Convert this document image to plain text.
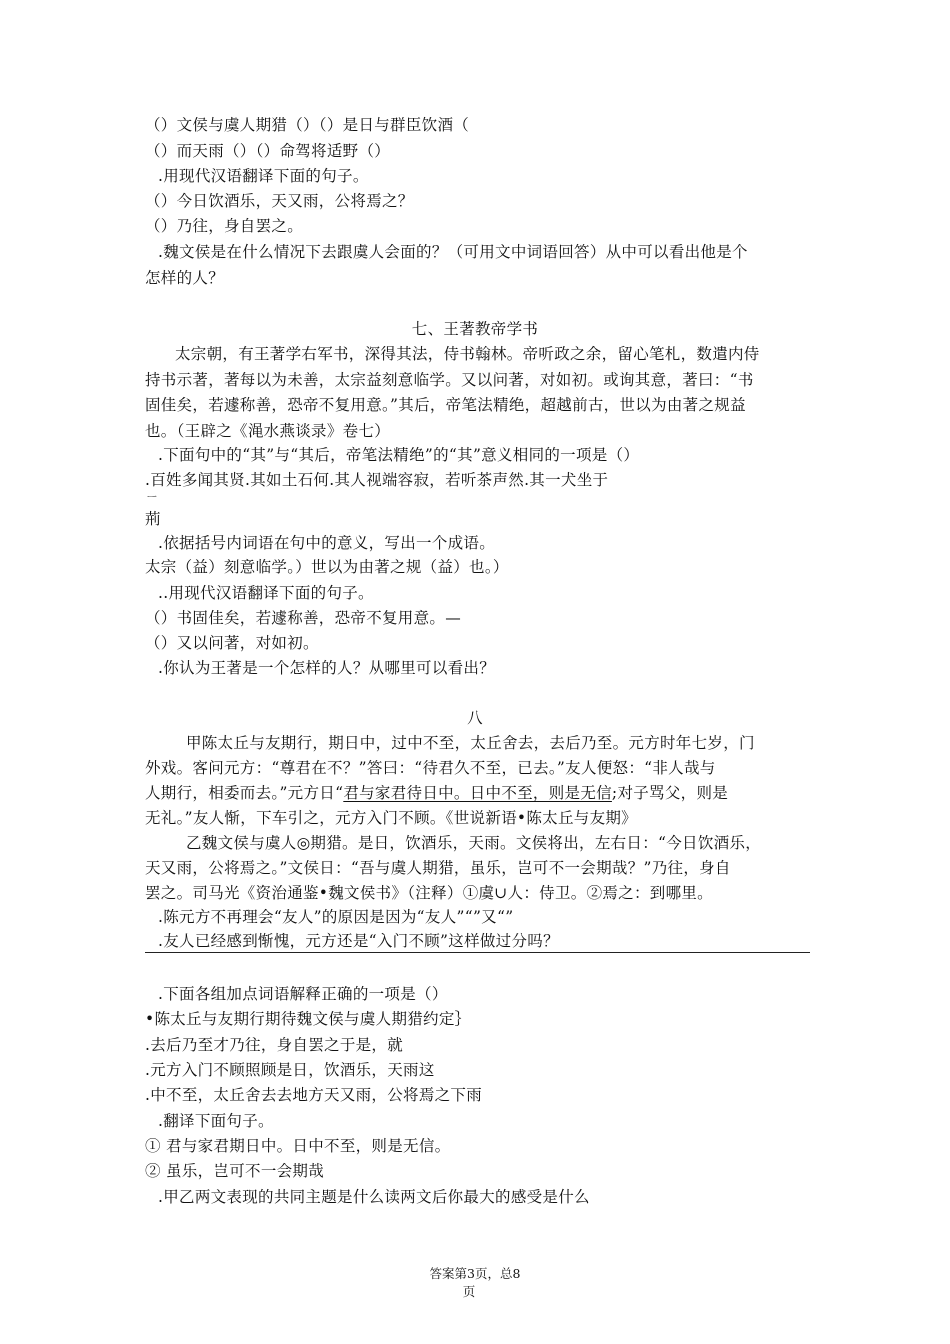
（）文侯与虞人期猎（）（）是日与群臣饮酒（
（）而天雨（）（）命驾将适野（）
.用现代汉语翻译下面的句子。
（）今日饮酒乐，天又雨，公将焉之？
（）乃往，身自罢之。
.魏文侯是在什么情况下去跟虞人会面的？（可用文中词语回答）从中可以看出他是个
怎样的人？
七、王著教帝学书
太宗朝，有王著学右军书，深得其法，侍书翰林。帝听政之余，留心笔札，数遣内侍
持书示著，著每以为未善，太宗益刻意临学。又以问著，对如初。或询其意，著曰：“书
固佳矣，若遽称善，恐帝不复用意。”其后，帝笔法精绝，超越前古，世以为由著之规益
也。（王辟之《渑水燕谈录》卷七）
.下面句中的“其”与“其后，帝笔法精绝”的“其”意义相同的一项是（）
.百姓多闻其贤.其如土石何.其人视端容寂，若听茶声然.其一犬坐于
ᅳ
荊
.依据括号内词语在句中的意义，写出一个成语。
太宗（益）刻意临学。）世以为由著之规（益）也。）
..用现代汉语翻译下面的句子。
（）书固佳矣，若遽称善，恐帝不复用意。—
（）又以问著，对如初。
.你认为王著是一个怎样的人？从哪里可以看出？
八
甲陈太丘与友期行，期日中，过中不至，太丘舍去，去后乃至。元方时年七岁，门
外戏。客问元方：“尊君在不？”答曰：“待君久不至，已去。”友人便怒：“非人哉与
人期行，相委而去。”元方日“君与家君待日中。日中不至，则是无信;对子骂父，则是
无礼。”友人惭，下车引之，元方入门不顾。《世说新语•陈太丘与友期》
乙魏文侯与虞人◎期猎。是日，饮酒乐，天雨。文侯将出，左右日：“今日饮酒乐，
天又雨，公将焉之。”文侯日：“吾与虞人期猎，虽乐，岂可不一会期哉？”乃往，身自
罢之。司马光《资治通鉴•魏文侯书》（注释）①虞∪人：侍卫。②焉之：到哪里。
.陈元方不再理会“友人”的原因是因为“友人”“”又“”
.友人已经感到惭愧，元方还是“入门不顾”这样做过分吗？
.下面各组加点词语解释正确的一项是（）
•陈太丘与友期行期待魏文侯与虞人期猎约定｝
.去后乃至才乃往，身自罢之于是，就
.元方入门不顾照顾是日，饮酒乐，天雨这
.中不至，太丘舍去去地方天又雨，公将焉之下雨
.翻译下面句子。
① 君与家君期日中。日中不至，则是无信。
② 虽乐，岂可不一会期哉
.甲乙两文表现的共同主题是什么读两文后你最大的感受是什么
答案第3页，总8
页
